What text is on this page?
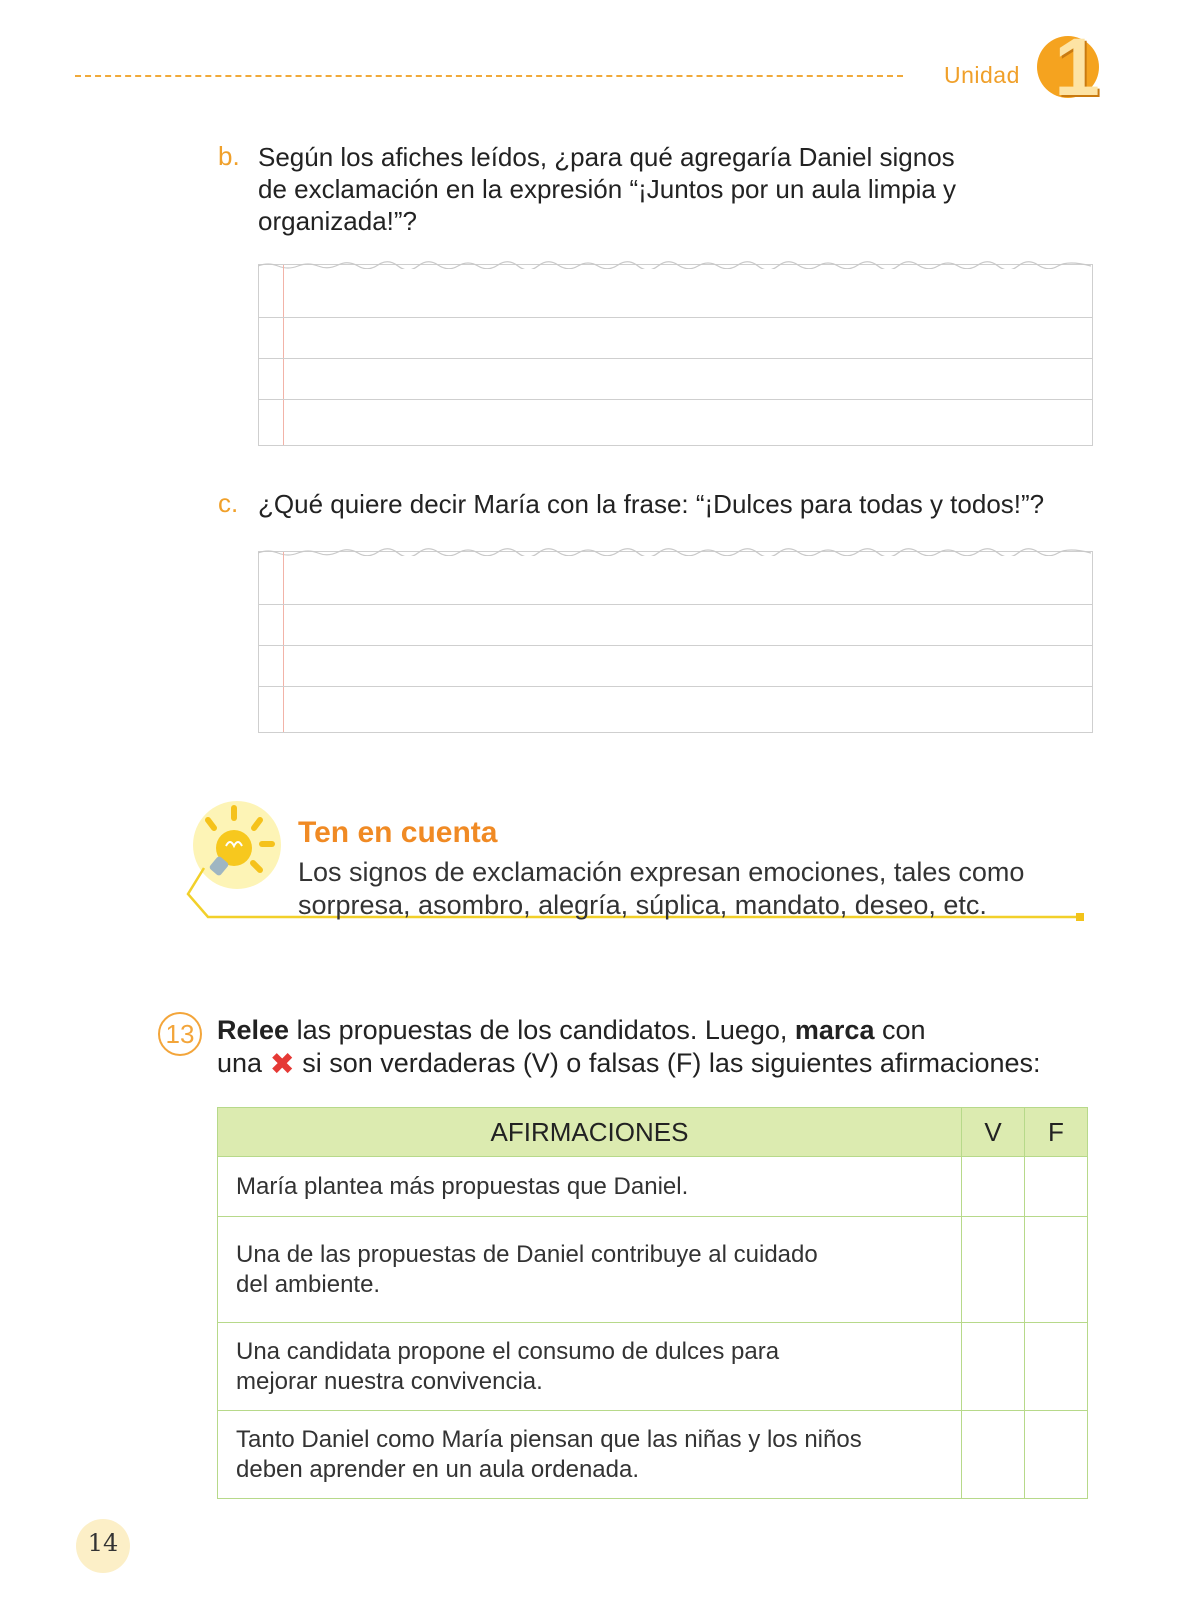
Unidad 1
b. Según los afiches leídos, ¿para qué agregaría Daniel signos
de exclamación en la expresión “¡Juntos por un aula limpia y
organizada!”?
c. ¿Qué quiere decir María con la frase: “¡Dulces para todas y todos!”?
Ten en cuenta
Los signos de exclamación expresan emociones, tales como
sorpresa, asombro, alegría, súplica, mandato, deseo, etc.
13 Relee las propuestas de los candidatos. Luego, marca con
una ✖ si son verdaderas (V) o falsas (F) las siguientes afirmaciones:
AFIRMACIONES	V	F

María plantea más propuestas que Daniel.		

Una de las propuestas de Daniel contribuye al cuidado
del ambiente.		

Una candidata propone el consumo de dulces para
mejorar nuestra convivencia.		

Tanto Daniel como María piensan que las niñas y los niños
deben aprender en un aula ordenada.		

14
